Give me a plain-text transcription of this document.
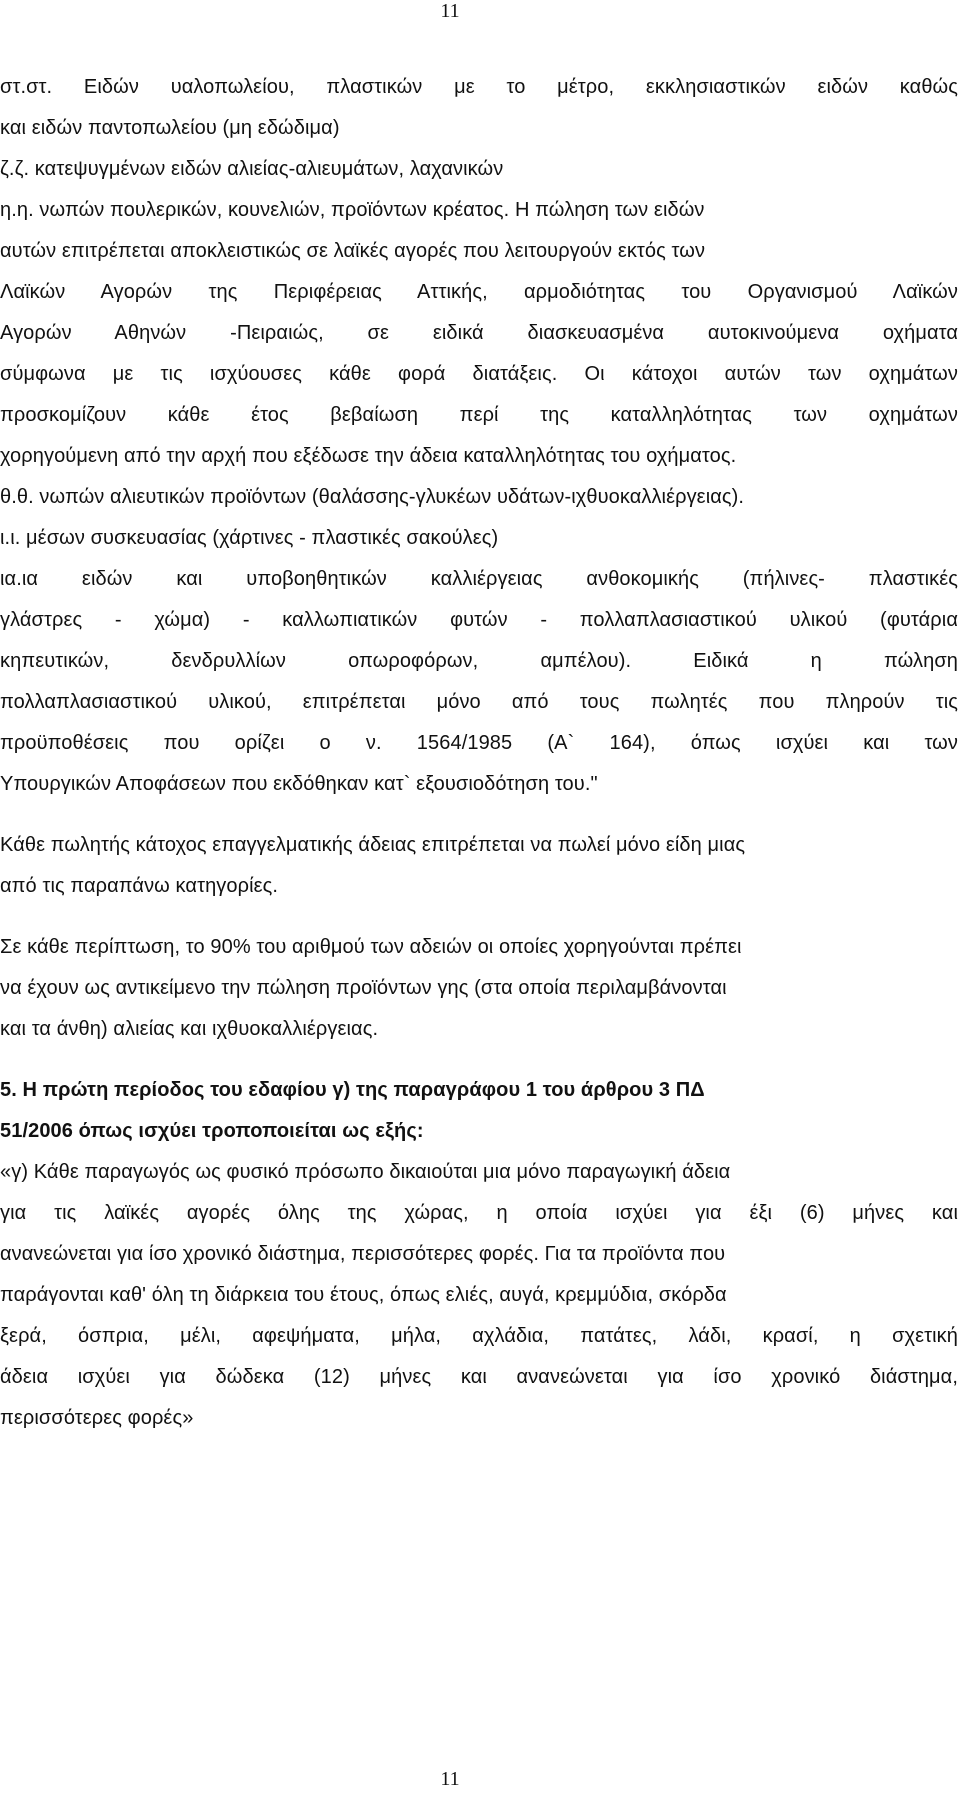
11
στ.στ. Ειδών υαλοπωλείου, πλαστικών με το μέτρο, εκκλησιαστικών ειδών καθώς
και ειδών παντοπωλείου (μη εδώδιμα)
ζ.ζ. κατεψυγμένων ειδών αλιείας-αλιευμάτων, λαχανικών
η.η. νωπών πουλερικών, κουνελιών, προϊόντων κρέατος. Η πώληση των ειδών
αυτών επιτρέπεται αποκλειστικώς σε λαϊκές αγορές που λειτουργούν εκτός των
Λαϊκών Αγορών της Περιφέρειας Αττικής, αρμοδιότητας του Οργανισμού Λαϊκών
Αγορών Αθηνών -Πειραιώς, σε ειδικά διασκευασμένα αυτοκινούμενα οχήματα
σύμφωνα με τις ισχύουσες κάθε φορά διατάξεις. Οι κάτοχοι αυτών των οχημάτων
προσκομίζουν κάθε έτος βεβαίωση περί της καταλληλότητας των οχημάτων
χορηγούμενη από την αρχή που εξέδωσε την άδεια καταλληλότητας του οχήματος.
θ.θ. νωπών αλιευτικών προϊόντων (θαλάσσης-γλυκέων υδάτων-ιχθυοκαλλιέργειας).
ι.ι. μέσων συσκευασίας (χάρτινες - πλαστικές σακούλες)
ια.ια ειδών και υποβοηθητικών καλλιέργειας ανθοκομικής (πήλινες- πλαστικές
γλάστρες - χώμα) - καλλωπιατικών φυτών - πολλαπλασιαστικού υλικού (φυτάρια
κηπευτικών, δενδρυλλίων οπωροφόρων, αμπέλου). Ειδικά η πώληση
πολλαπλασιαστικού υλικού, επιτρέπεται μόνο από τους πωλητές που πληρούν τις
προϋποθέσεις που ορίζει ο ν. 1564/1985 (Α` 164), όπως ισχύει και των
Υπουργικών Αποφάσεων που εκδόθηκαν κατ` εξουσιοδότηση του."
Κάθε πωλητής κάτοχος επαγγελματικής άδειας επιτρέπεται να πωλεί μόνο είδη μιας
από τις παραπάνω κατηγορίες.
Σε κάθε περίπτωση, το 90% του αριθμού των αδειών οι οποίες χορηγούνται πρέπει
να έχουν ως αντικείμενο την πώληση προϊόντων γης (στα οποία περιλαμβάνονται
και τα άνθη) αλιείας και ιχθυοκαλλιέργειας.
5. Η πρώτη περίοδος του εδαφίου γ) της παραγράφου 1 του άρθρου 3 ΠΔ
51/2006 όπως ισχύει τροποποιείται ως εξής:
«γ) Κάθε παραγωγός ως φυσικό πρόσωπο δικαιούται μια μόνο παραγωγική άδεια
για τις λαϊκές αγορές όλης της χώρας, η οποία ισχύει για έξι (6) μήνες και
ανανεώνεται για ίσο χρονικό διάστημα, περισσότερες φορές. Για τα προϊόντα που
παράγονται καθ' όλη τη διάρκεια του έτους, όπως ελιές, αυγά, κρεμμύδια, σκόρδα
ξερά, όσπρια, μέλι, αφεψήματα, μήλα, αχλάδια, πατάτες, λάδι, κρασί, η σχετική
άδεια ισχύει για δώδεκα (12) μήνες και ανανεώνεται για ίσο χρονικό διάστημα,
περισσότερες φορές»
11
